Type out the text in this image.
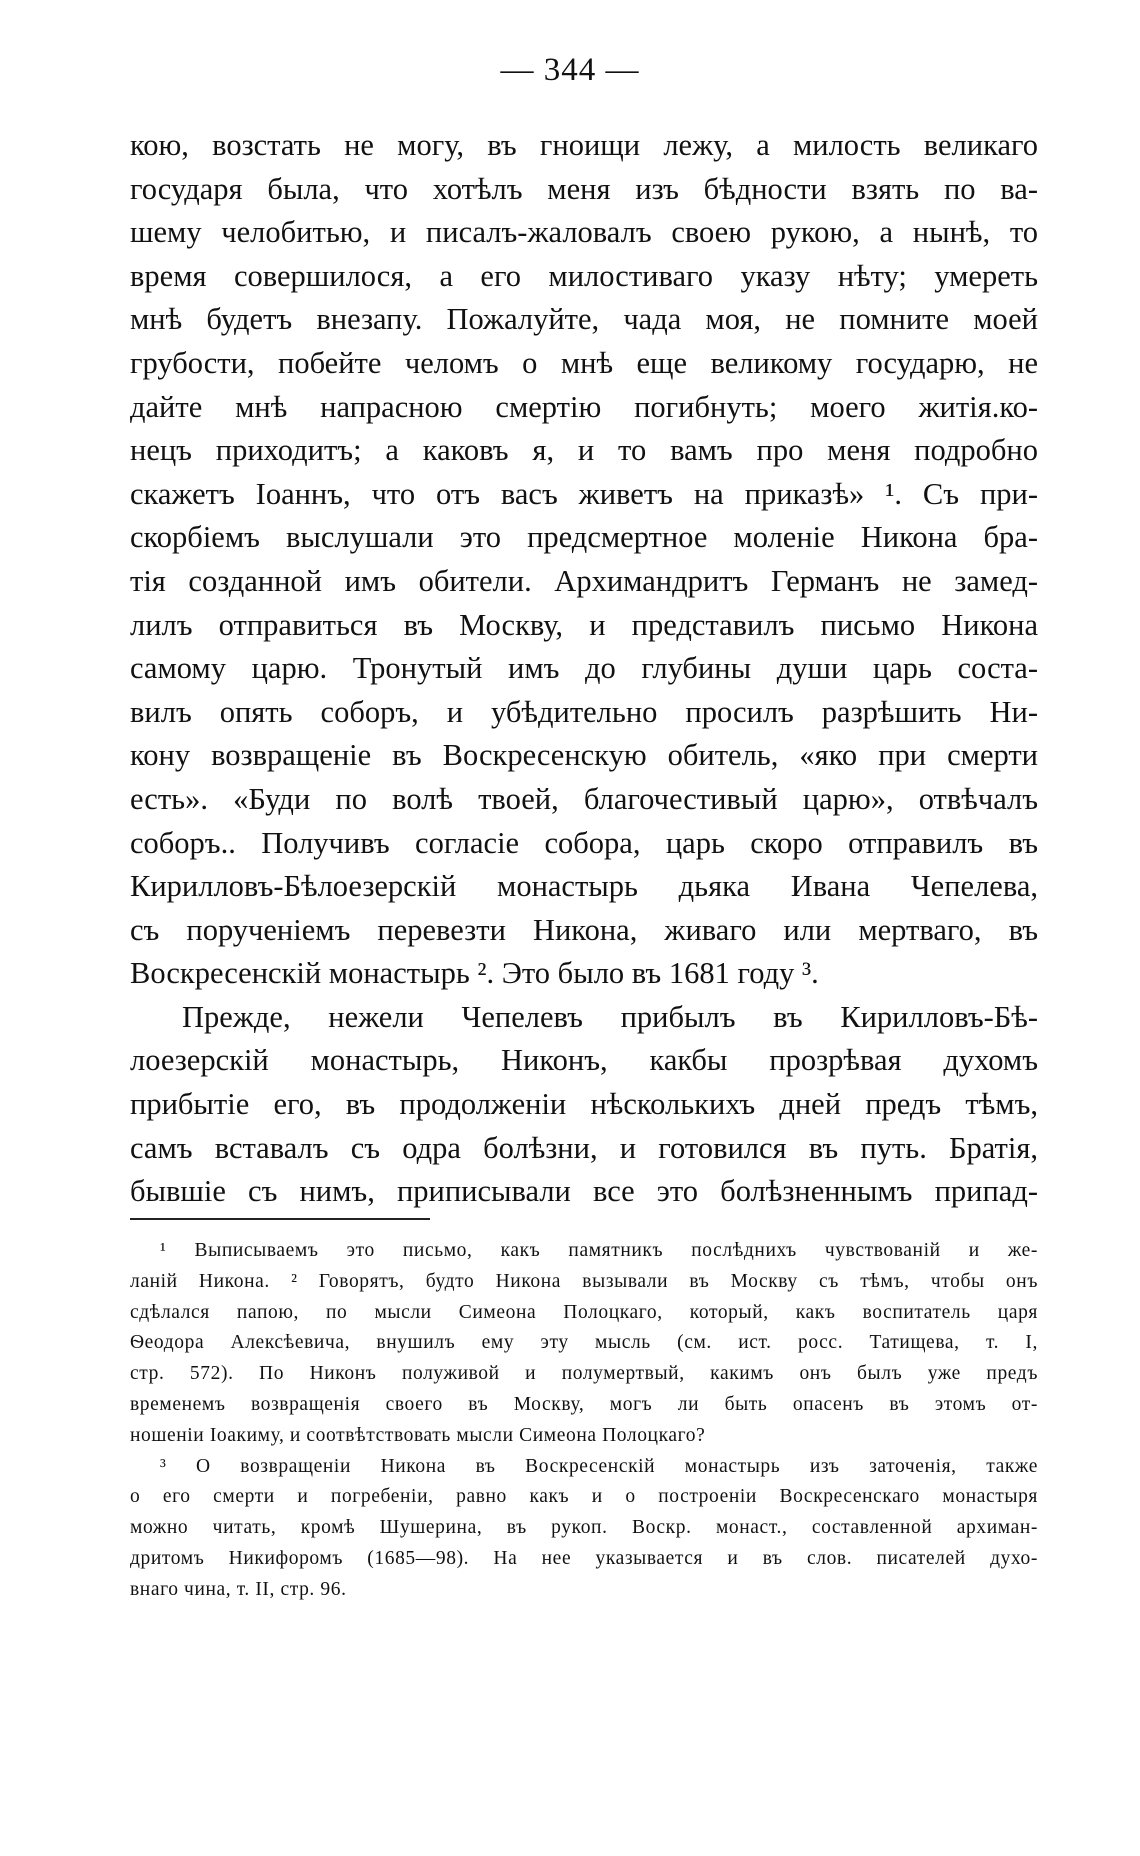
— 344 —
кою, возстать не могу, въ гноищи лежу, а милость великаго
государя была, что хотѣлъ меня изъ бѣдности взять по ва-
шему челобитью, и писалъ-жаловалъ своею рукою, а нынѣ, то
время совершилося, а его милостиваго указу нѣту; умереть
мнѣ будетъ внезапу. Пожалуйте, чада моя, не помните моей
грубости, побейте челомъ о мнѣ еще великому государю, не
дайте мнѣ напрасною смертію погибнуть; моего житія.ко-
нецъ приходитъ; а каковъ я, и то вамъ про меня подробно
скажетъ Іоаннъ, что отъ васъ живетъ на приказѣ» ¹. Съ при-
скорбіемъ выслушали это предсмертное моленіе Никона бра-
тія созданной имъ обители. Архимандритъ Германъ не замед-
лилъ отправиться въ Москву, и представилъ письмо Никона
самому царю. Тронутый имъ до глубины души царь соста-
вилъ опять соборъ, и убѣдительно просилъ разрѣшить Ни-
кону возвращеніе въ Воскресенскую обитель, «яко при смерти
есть». «Буди по волѣ твоей, благочестивый царю», отвѣчалъ
соборъ.. Получивъ согласіе собора, царь скоро отправилъ въ
Кирилловъ-Бѣлоезерскій монастырь дьяка Ивана Чепелева,
съ порученіемъ перевезти Никона, живаго или мертваго, въ
Воскресенскій монастырь ². Это было въ 1681 году ³.
Прежде, нежели Чепелевъ прибылъ въ Кирилловъ-Бѣ-
лоезерскій монастырь, Никонъ, какбы прозрѣвая духомъ
прибытіе его, въ продолженіи нѣсколькихъ дней предъ тѣмъ,
самъ вставалъ съ одра болѣзни, и готовился въ путь. Братія,
бывшіе съ нимъ, приписывали все это болѣзненнымъ припад-
¹ Выписываемъ это письмо, какъ памятникъ послѣднихъ чувствованій и же-
ланій Никона. ² Говорятъ, будто Никона вызывали въ Москву съ тѣмъ, чтобы онъ
сдѣлался папою, по мысли Симеона Полоцкаго, который, какъ воспитатель царя
Ѳеодора Алексѣевича, внушилъ ему эту мысль (см. ист. росс. Татищева, т. I,
стр. 572). По Никонъ полуживой и полумертвый, какимъ онъ былъ уже предъ
временемъ возвращенія своего въ Москву, могъ ли быть опасенъ въ этомъ от-
ношеніи Іоакиму, и соотвѣтствовать мысли Симеона Полоцкаго?
³ О возвращеніи Никона въ Воскресенскій монастырь изъ заточенія, также
о его смерти и погребеніи, равно какъ и о построеніи Воскресенскаго монастыря
можно читать, кромѣ Шушерина, въ рукоп. Воскр. монаст., составленной архиман-
дритомъ Никифоромъ (1685—98). На нее указывается и въ слов. писателей духо-
внаго чина, т. II, стр. 96.
